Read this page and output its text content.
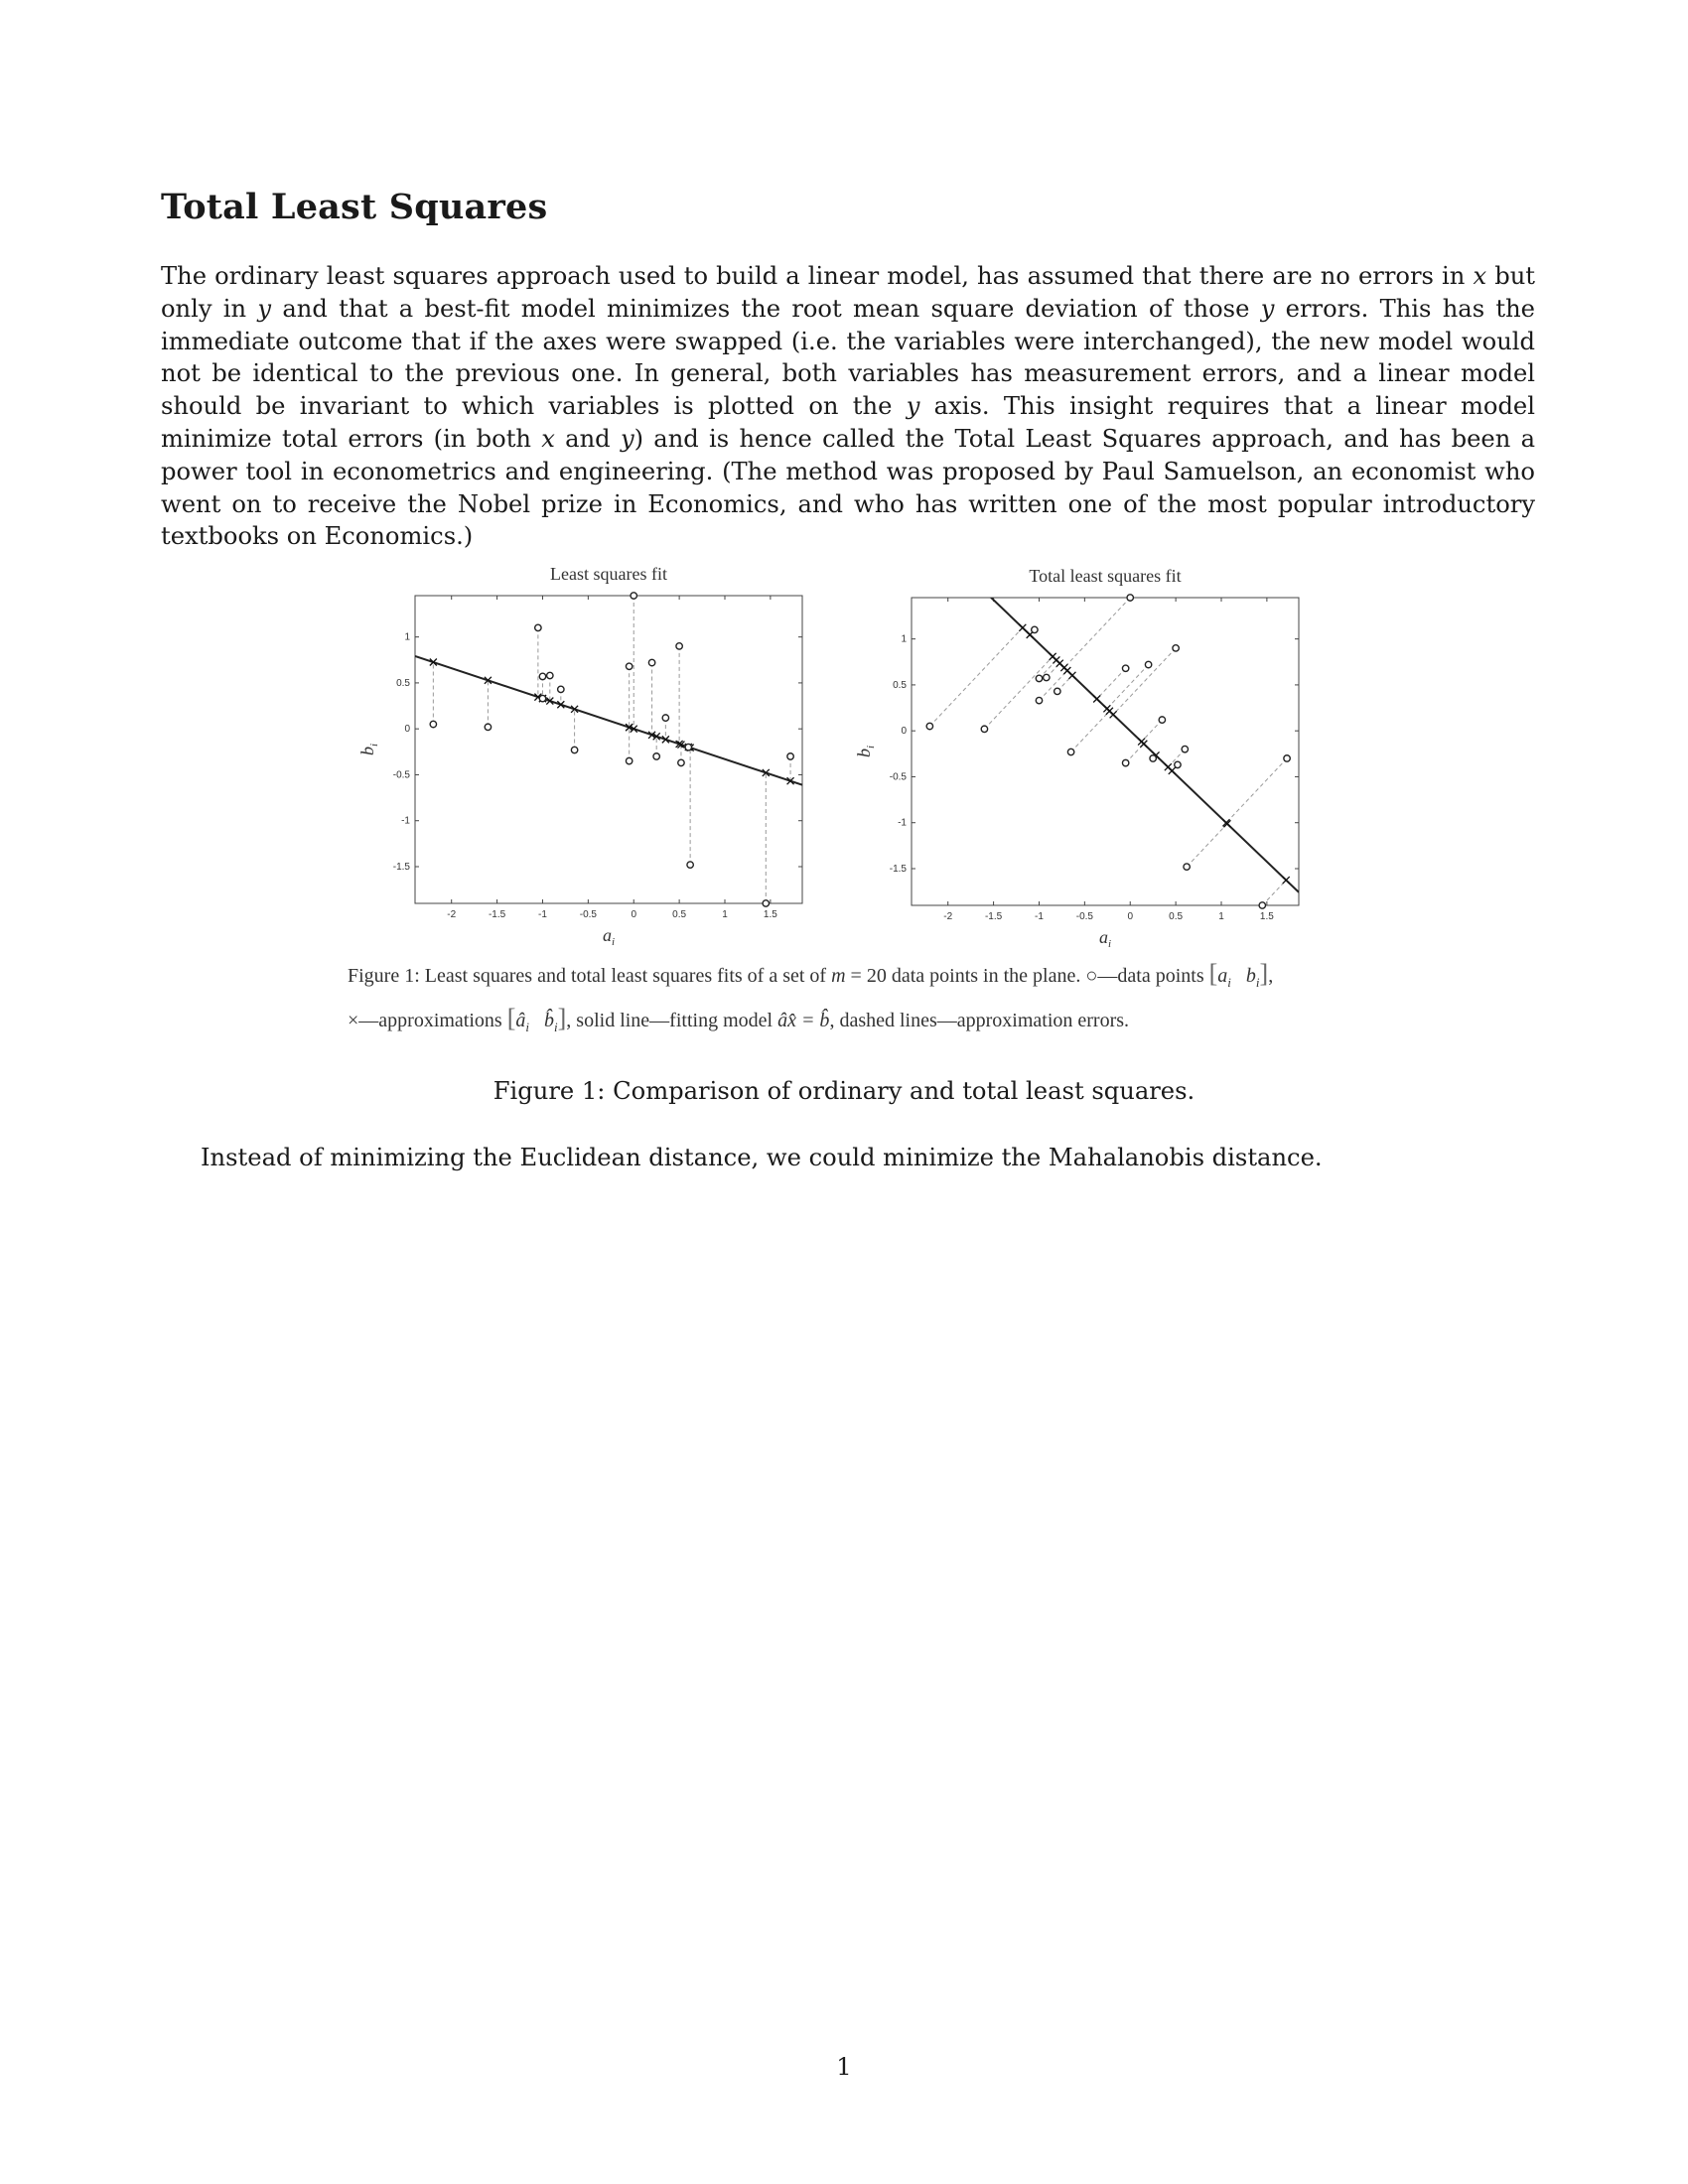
Total Least Squares

The ordinary least squares approach used to build a linear model, has assumed that there are no errors in x but only in y and that a best-fit model minimizes the root mean square deviation of those y errors. This has the immediate outcome that if the axes were swapped (i.e. the variables were interchanged), the new model would not be identical to the previous one. In general, both variables has measurement errors, and a linear model should be invariant to which variables is plotted on the y axis. This insight requires that a linear model minimize total errors (in both x and y) and is hence called the Total Least Squares approach, and has been a power tool in econometrics and engineering. (The method was proposed by Paul Samuelson, an economist who went on to receive the Nobel prize in Economics, and who has written one of the most popular introductory textbooks on Economics.)

Least squares fit
-2	-1.5	-1	-0.5	0	0.5	1	1.5
1
0.5
0
-0.5
-1
-1.5
$a_i$
$b_i$
Total least squares fit
-2	-1.5	-1	-0.5	0	0.5	1	1.5
1
0.5
0
-0.5
-1
-1.5
$a_i$
$b_i$
Figure 1: Least squares and total least squares fits of a set of m = 20 data points in the plane. ○—data points [$a_i$ $b_i$],
×—approximations [$â_i$ $b̂_i$], solid line—fitting model âx̂ = b̂, dashed lines—approximation errors.
Figure 1: Comparison of ordinary and total least squares.
Instead of minimizing the Euclidean distance, we could minimize the Mahalanobis distance.
1
